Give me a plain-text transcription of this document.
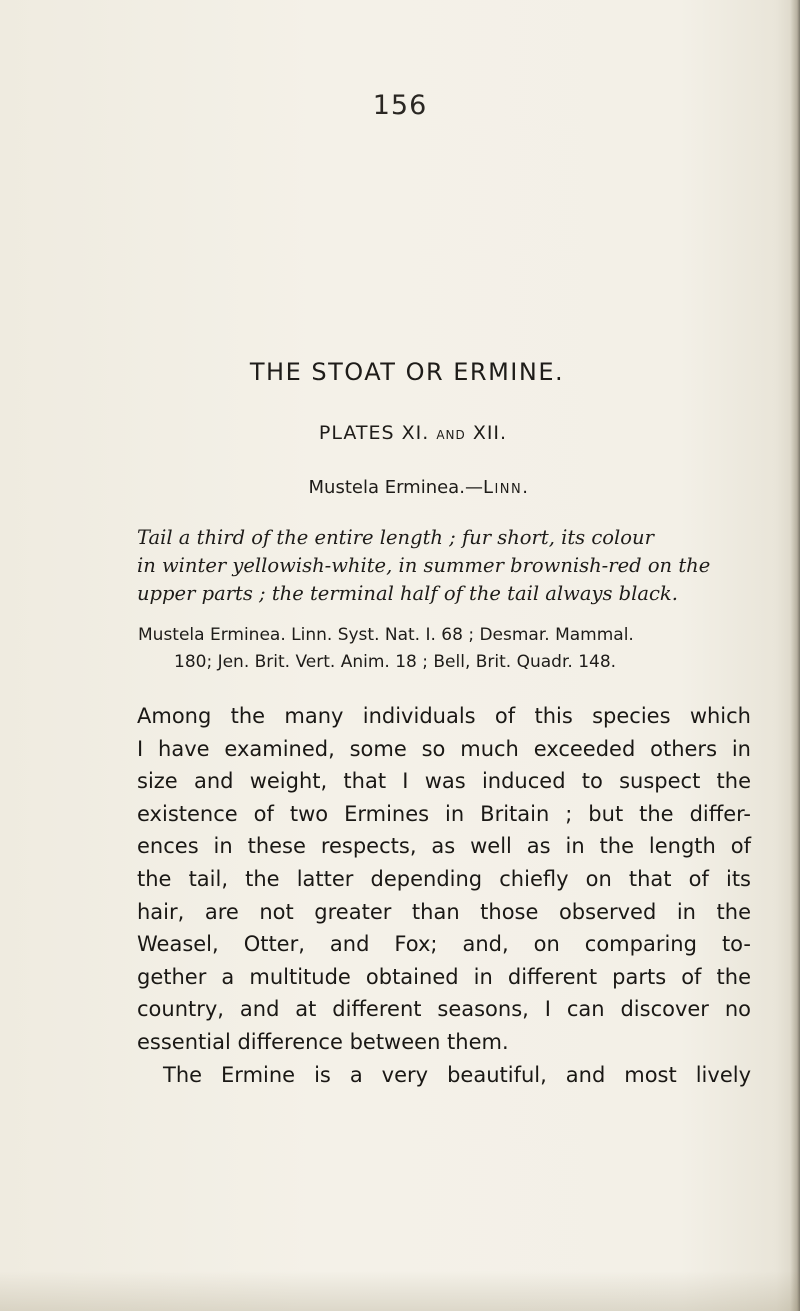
156
THE STOAT OR ERMINE.
PLATES XI. AND XII.
Mustela Erminea.—Linn.
Tail a third of the entire length ; fur short, its colour
in winter yellowish-white, in summer brownish-red on the
upper parts ; the terminal half of the tail always black.
Mustela Erminea. Linn. Syst. Nat. I. 68 ; Desmar. Mammal.
180; Jen. Brit. Vert. Anim. 18 ; Bell, Brit. Quadr. 148.
Among the many individuals of this species which
I have examined, some so much exceeded others in
size and weight, that I was induced to suspect the
existence of two Ermines in Britain ; but the differ-
ences in these respects, as well as in the length of
the tail, the latter depending chiefly on that of its
hair, are not greater than those observed in the
Weasel, Otter, and Fox; and, on comparing to-
gether a multitude obtained in different parts of the
country, and at different seasons, I can discover no
essential difference between them.
The Ermine is a very beautiful, and most lively
